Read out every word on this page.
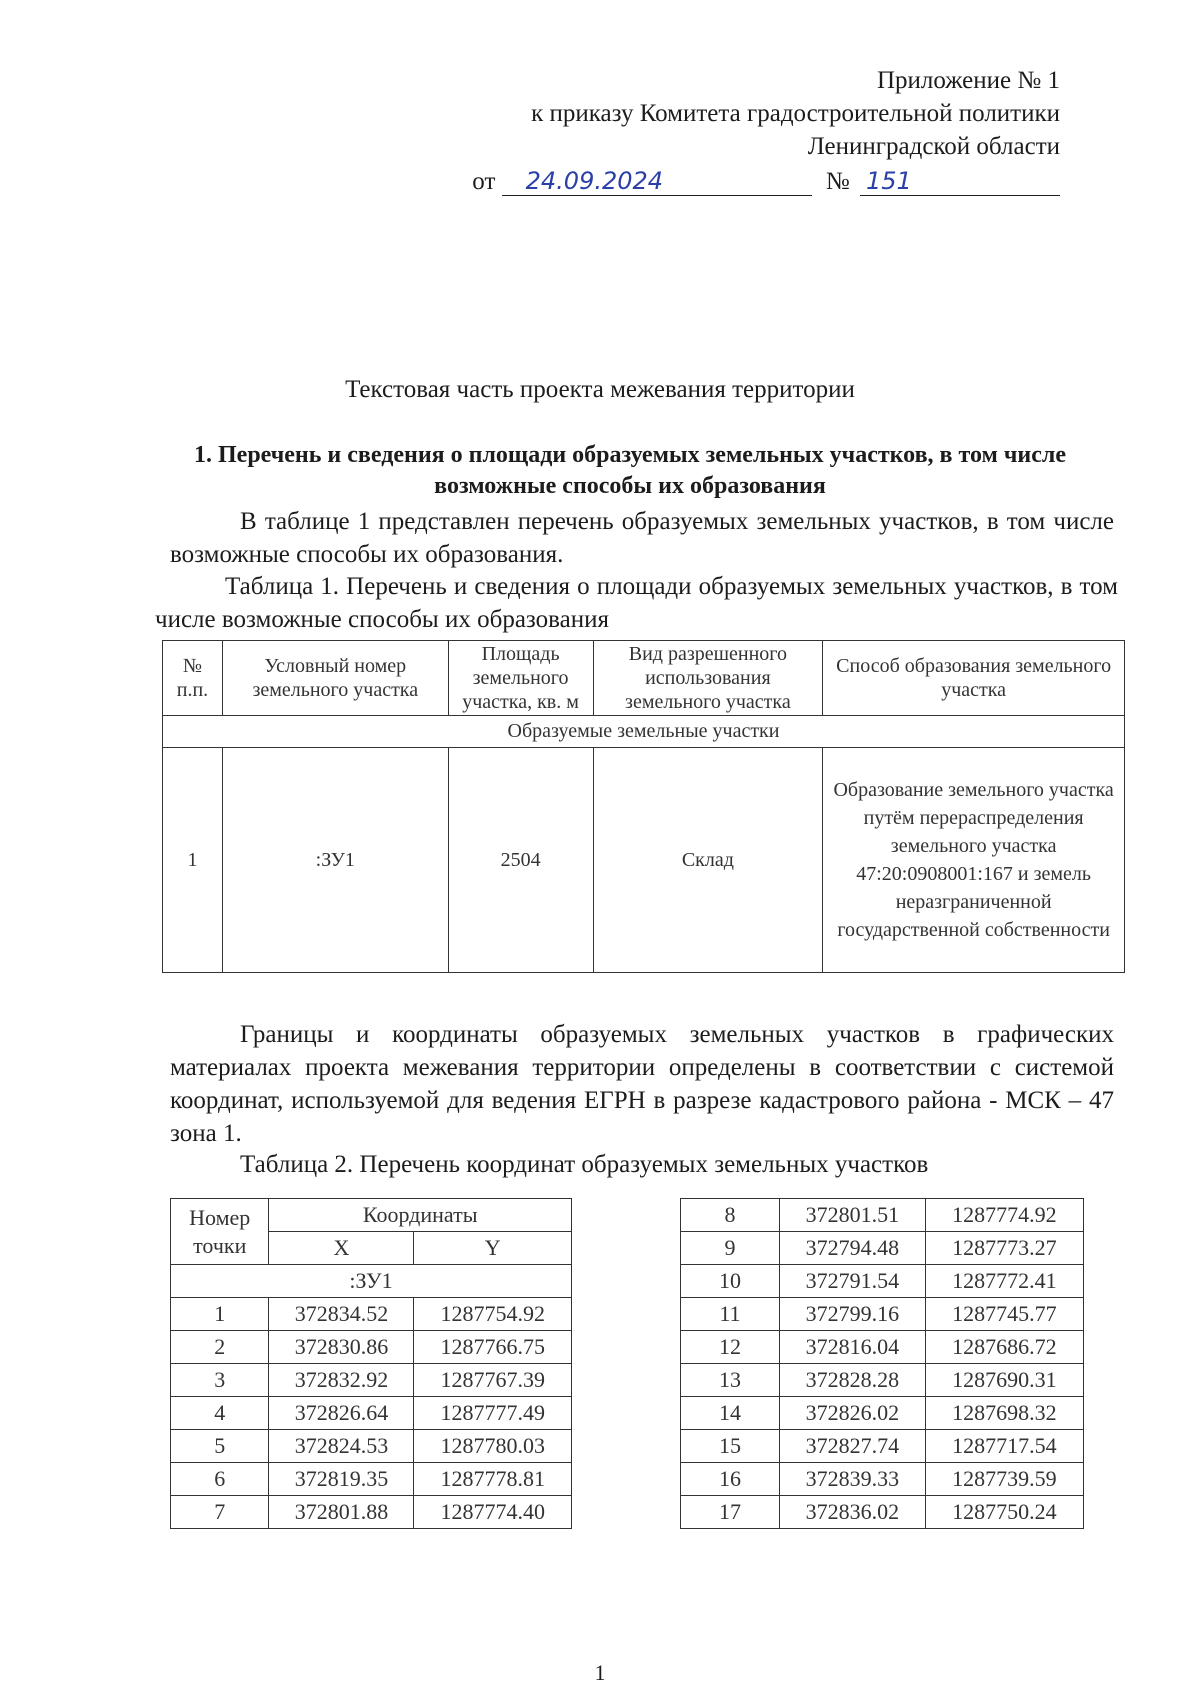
Приложение № 1
к приказу Комитета градостроительной политики
Ленинградской области
от 24.09.2024	№ 151
Текстовая часть проекта межевания территории
1. Перечень и сведения о площади образуемых земельных участков, в том числе возможные способы их образования
В таблице 1 представлен перечень образуемых земельных участков, в том числе возможные способы их образования.
Таблица 1. Перечень и сведения о площади образуемых земельных участков, в том числе возможные способы их образования
№ п.п.	Условный номер земельного участка	Площадь земельного участка, кв. м	Вид разрешенного использования земельного участка	Способ образования земельного участка
Образуемые земельные участки				
1	:ЗУ1	2504	Склад	Образование земельного участка путём перераспределения земельного участка 47:20:0908001:167 и земель неразграниченной государственной собственности
Границы и координаты образуемых земельных участков в графических материалах проекта межевания территории определены в соответствии с системой координат, используемой для ведения ЕГРН в разрезе кадастрового района - МСК – 47 зона 1.
Таблица 2. Перечень координат образуемых земельных участков
Номер точки	Координаты	
	X	Y
:ЗУ1		
1	372834.52	1287754.92
2	372830.86	1287766.75
3	372832.92	1287767.39
4	372826.64	1287777.49
5	372824.53	1287780.03
6	372819.35	1287778.81
7	372801.88	1287774.40
8	372801.51	1287774.92
9	372794.48	1287773.27
10	372791.54	1287772.41
11	372799.16	1287745.77
12	372816.04	1287686.72
13	372828.28	1287690.31
14	372826.02	1287698.32
15	372827.74	1287717.54
16	372839.33	1287739.59
17	372836.02	1287750.24
1
